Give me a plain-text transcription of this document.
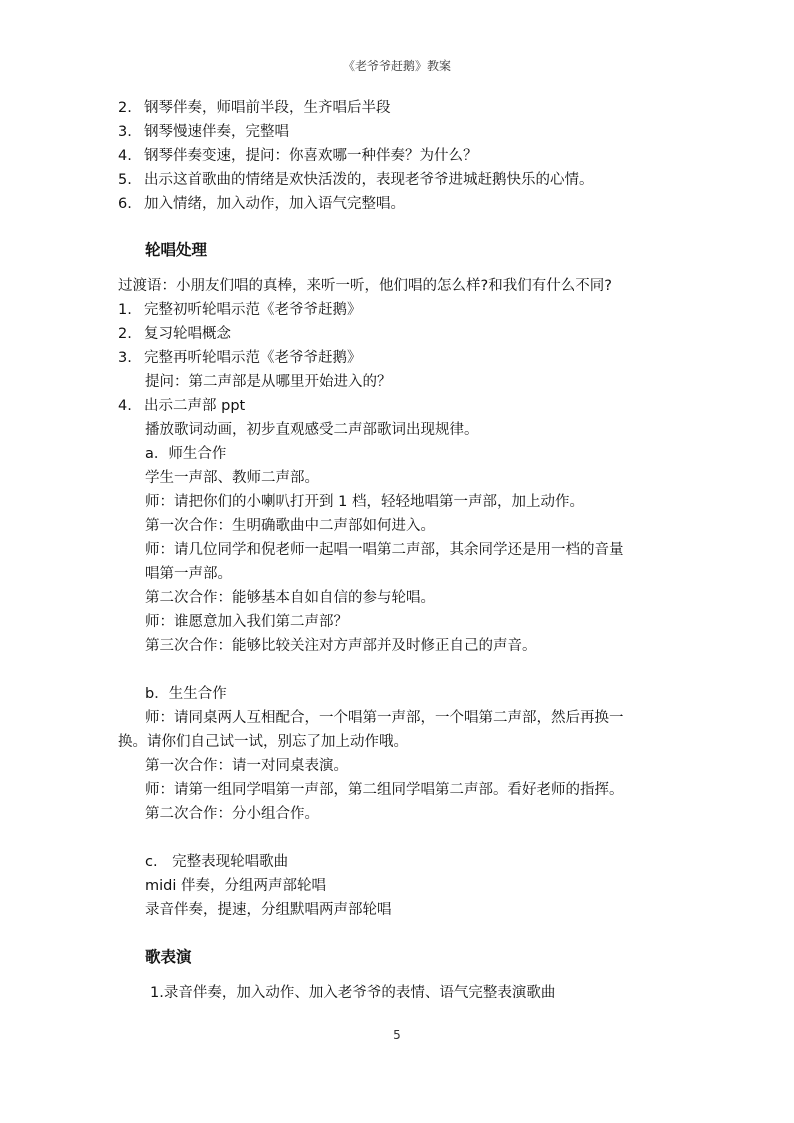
《老爷爷赶鹅》教案
2. 钢琴伴奏，师唱前半段，生齐唱后半段
3. 钢琴慢速伴奏，完整唱
4. 钢琴伴奏变速，提问：你喜欢哪一种伴奏？为什么？
5. 出示这首歌曲的情绪是欢快活泼的，表现老爷爷进城赶鹅快乐的心情。
6. 加入情绪，加入动作，加入语气完整唱。
轮唱处理
过渡语：小朋友们唱的真棒，来听一听，他们唱的怎么样?和我们有什么不同?
1. 完整初听轮唱示范《老爷爷赶鹅》
2. 复习轮唱概念
3. 完整再听轮唱示范《老爷爷赶鹅》
提问：第二声部是从哪里开始进入的？
4. 出示二声部 ppt
播放歌词动画，初步直观感受二声部歌词出现规律。
a．师生合作
学生一声部、教师二声部。
师：请把你们的小喇叭打开到 1 档，轻轻地唱第一声部，加上动作。
第一次合作：生明确歌曲中二声部如何进入。
师：请几位同学和倪老师一起唱一唱第二声部，其余同学还是用一档的音量
唱第一声部。
第二次合作：能够基本自如自信的参与轮唱。
师：谁愿意加入我们第二声部？
第三次合作：能够比较关注对方声部并及时修正自己的声音。
b．生生合作
师：请同桌两人互相配合，一个唱第一声部，一个唱第二声部，然后再换一
换。请你们自己试一试，别忘了加上动作哦。
第一次合作：请一对同桌表演。
师：请第一组同学唱第一声部，第二组同学唱第二声部。看好老师的指挥。
第二次合作：分小组合作。
c.　完整表现轮唱歌曲
midi 伴奏，分组两声部轮唱
录音伴奏，提速，分组默唱两声部轮唱
歌表演
1.录音伴奏，加入动作、加入老爷爷的表情、语气完整表演歌曲
5
